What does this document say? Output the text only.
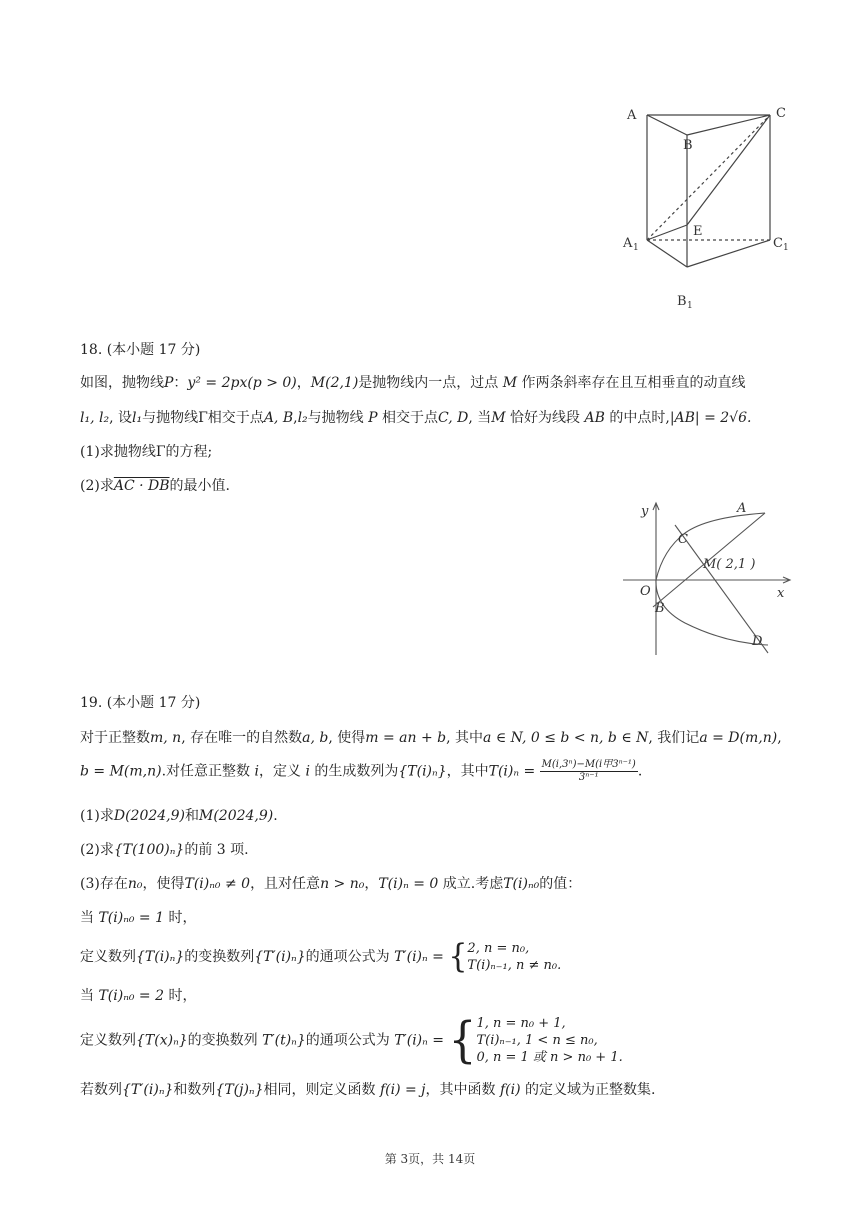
A
B
C
E
A 1	C 1
B 1
18. (本小题 17 分)
如图，抛物线P：y² = 2px(p > 0)，M(2,1)是抛物线内一点，过点 M 作两条斜率存在且互相垂直的动直线
l₁, l₂, 设l₁与抛物线Γ相交于点A, B,l₂与抛物线 P 相交于点C, D, 当M 恰好为线段 AB 的中点时,|AB| = 2√6.
(1)求抛物线Γ的方程;
(2)求AC · DB的最小值.
y
x
O
A
B
C
D
M( 2,1 )
19. (本小题 17 分)
对于正整数m, n, 存在唯一的自然数a, b, 使得m = an + b, 其中a ∈ N, 0 ≤ b < n, b ∈ N, 我们记a = D(m,n),
b = M(m,n).对任意正整数 i，定义 i 的生成数列为{T(i)ₙ}，其中$T(i)_n = \frac{\text{M(i,3ⁿ)−M(i甲3ⁿ⁻¹)}}{\text{3ⁿ⁻¹}}$ .
(1)求D(2024,9)和M(2024,9).
(2)求{T(100)ₙ}的前 3 项.
(3)存在n₀，使得T(i)ₙ₀ ≠ 0，且对任意n > n₀，T(i)ₙ = 0 成立.考虑T(i)ₙ₀的值：
当 T(i)ₙ₀ = 1 时，
定义数列{T(i)ₙ}的变换数列{T′(i)ₙ}的通项公式为 T′(i)ₙ = { 2, n = n₀,
T(i)ₙ₋₁, n ≠ n₀.
当 T(i)ₙ₀ = 2 时，
定义数列{T(x)ₙ}的变换数列 T′(t)ₙ}的通项公式为 T′(i)ₙ = { 1, n = n₀ + 1,
T(i)ₙ₋₁, 1 < n ≤ n₀,
0, n = 1 或 n > n₀ + 1.
若数列{T′(i)ₙ}和数列{T(j)ₙ}相同，则定义函数 f(i) = j，其中函数 f(i) 的定义域为正整数集.
第 3页，共 14页
